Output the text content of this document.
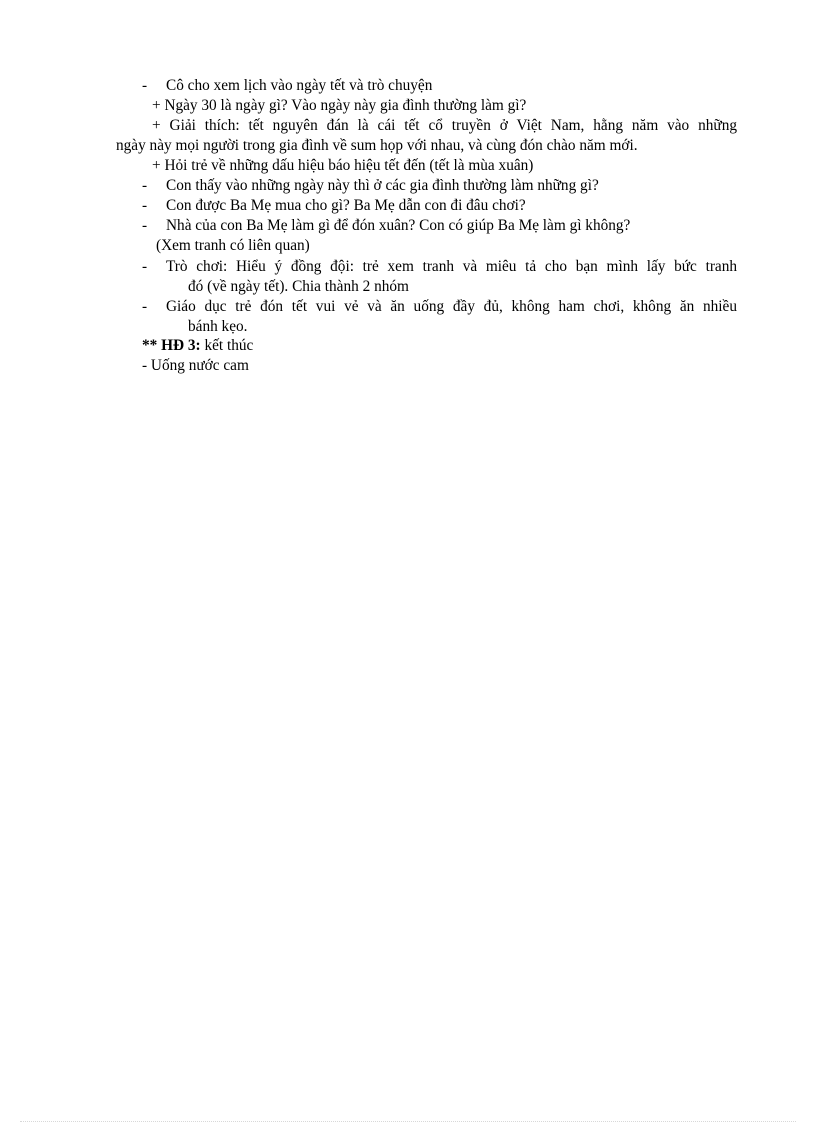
- Cô cho xem lịch vào ngày tết và trò chuyện
+ Ngày 30 là ngày gì? Vào ngày này gia đình thường làm gì?
+ Giải thích: tết nguyên đán là cái tết cổ truyền ở Việt Nam, hằng năm vào những
ngày này mọi người trong gia đình về sum họp với nhau, và cùng đón chào năm mới.
+ Hỏi trẻ về những dấu hiệu báo hiệu tết đến (tết là mùa xuân)
- Con thấy vào những ngày này thì ở các gia đình thường làm những gì?
- Con được Ba Mẹ mua cho gì? Ba Mẹ dẫn con đi đâu chơi?
- Nhà của con Ba Mẹ làm gì để đón xuân? Con có giúp Ba Mẹ làm gì không?
(Xem tranh có liên quan)
- Trò chơi: Hiểu ý đồng đội: trẻ xem tranh và miêu tả cho bạn mình lấy bức tranh
đó (về ngày tết). Chia thành 2 nhóm
- Giáo dục trẻ đón tết vui vẻ và ăn uống đầy đủ, không ham chơi, không ăn nhiều
bánh kẹo.
** HĐ 3: kết thúc
- Uống nước cam
